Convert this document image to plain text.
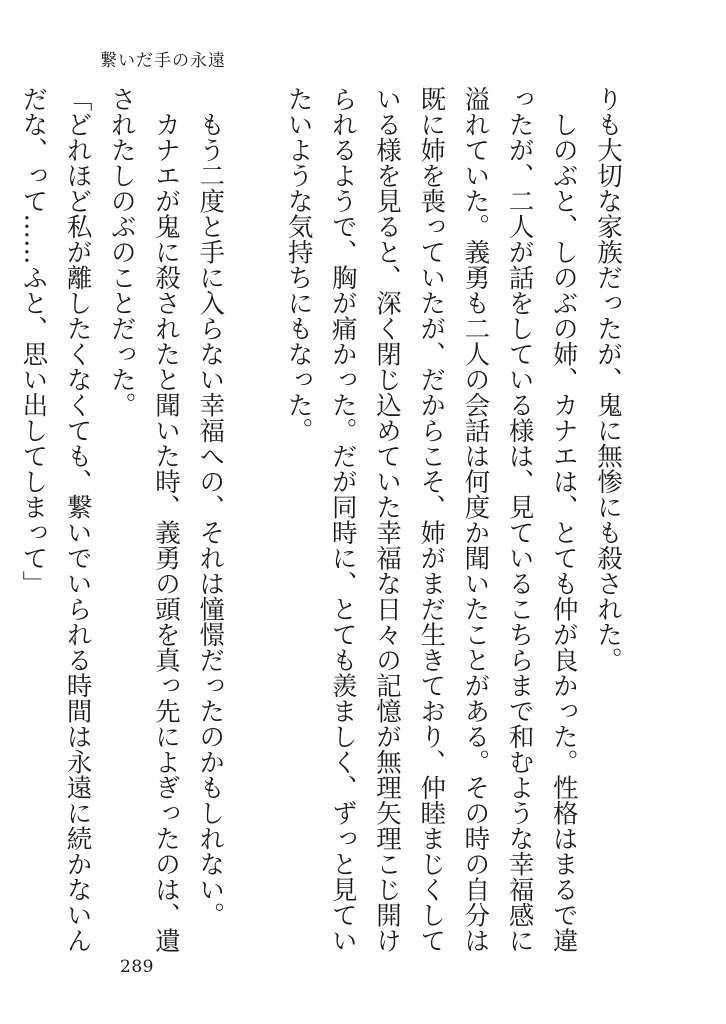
繋いだ手の永遠

りも大切な家族だったが、鬼に無惨にも殺された。

　しのぶと、しのぶの姉、カナエは、とても仲が良かった。性格はまるで違ったが、二人が話をしている様は、見ているこちらまで和むような幸福感に溢れていた。義勇も二人の会話は何度か聞いたことがある。その時の自分は既に姉を喪っていたが、だからこそ、姉がまだ生きており、仲睦まじくしている様を見ると、深く閉じ込めていた幸福な日々の記憶が無理矢理こじ開けられるようで、胸が痛かった。だが同時に、とても羨ましく、ずっと見ていたいような気持ちにもなった。

　もう二度と手に入らない幸福への、それは憧憬だったのかもしれない。

　カナエが鬼に殺されたと聞いた時、義勇の頭を真っ先によぎったのは、遺されたしのぶのことだった。

「どれほど私が離したくなくても、繋いでいられる時間は永遠に続かないんだな、って……ふと、思い出してしまって」

289
